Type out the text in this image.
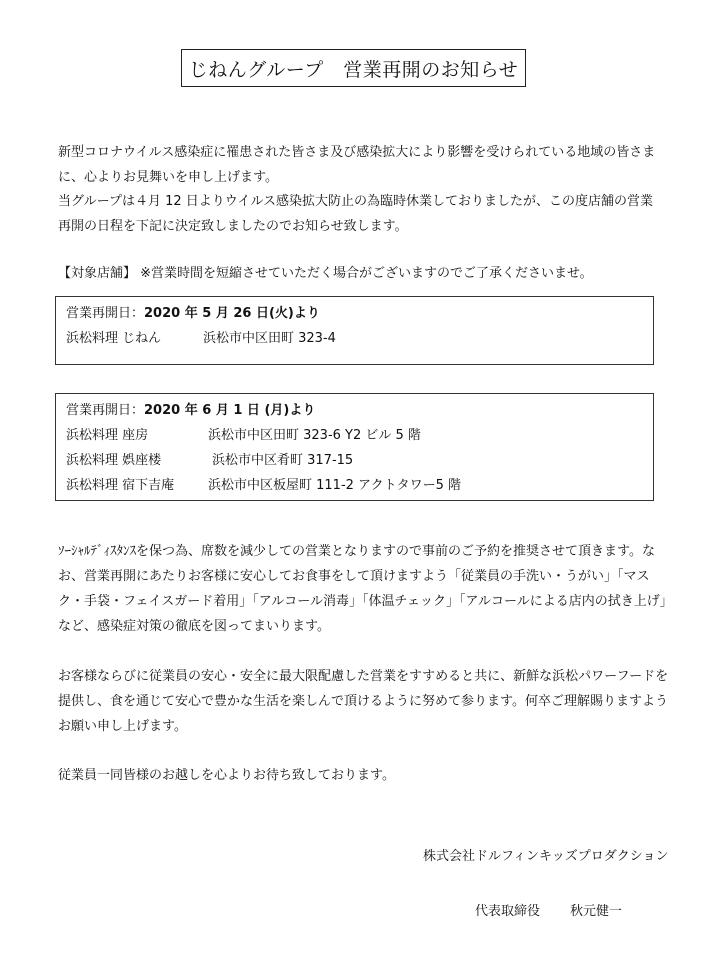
じねんグループ　営業再開のお知らせ
新型コロナウイルス感染症に罹患された皆さま及び感染拡大により影響を受けられている地域の皆さまに、心よりお見舞いを申し上げます。
当グループは４月 12 日よりウイルス感染拡大防止の為臨時休業しておりましたが、この度店舗の営業再開の日程を下記に決定致しましたのでお知らせ致します。
【対象店舗】 ※営業時間を短縮させていただく場合がございますのでご了承くださいませ。
営業再開日：2020 年 5 月 26 日(火)より
浜松料理 じねん	浜松市中区田町 323-4
営業再開日：2020 年 6 月 1 日 (月)より
浜松料理 座房	浜松市中区田町 323-6 Y2 ビル 5 階
浜松料理 娯座楼	浜松市中区肴町 317-15
浜松料理 宿下吉庵	浜松市中区板屋町 111-2 アクトタワー5 階
ｿｰｼｬﾙﾃﾞｨｽﾀﾝｽを保つ為、席数を減少しての営業となりますので事前のご予約を推奨させて頂きます。なお、営業再開にあたりお客様に安心してお食事をして頂けますよう「従業員の手洗い・うがい」「マスク・手袋・フェイスガード着用」「アルコール消毒」「体温チェック」「アルコールによる店内の拭き上げ」など、感染症対策の徹底を図ってまいります。
お客様ならびに従業員の安心・安全に最大限配慮した営業をすすめると共に、新鮮な浜松パワーフードを提供し、食を通じて安心で豊かな生活を楽しんで頂けるように努めて参ります。何卒ご理解賜りますようお願い申し上げます。
従業員一同皆様のお越しを心よりお待ち致しております。
株式会社ドルフィンキッズプロダクション
代表取締役 秋元健一
